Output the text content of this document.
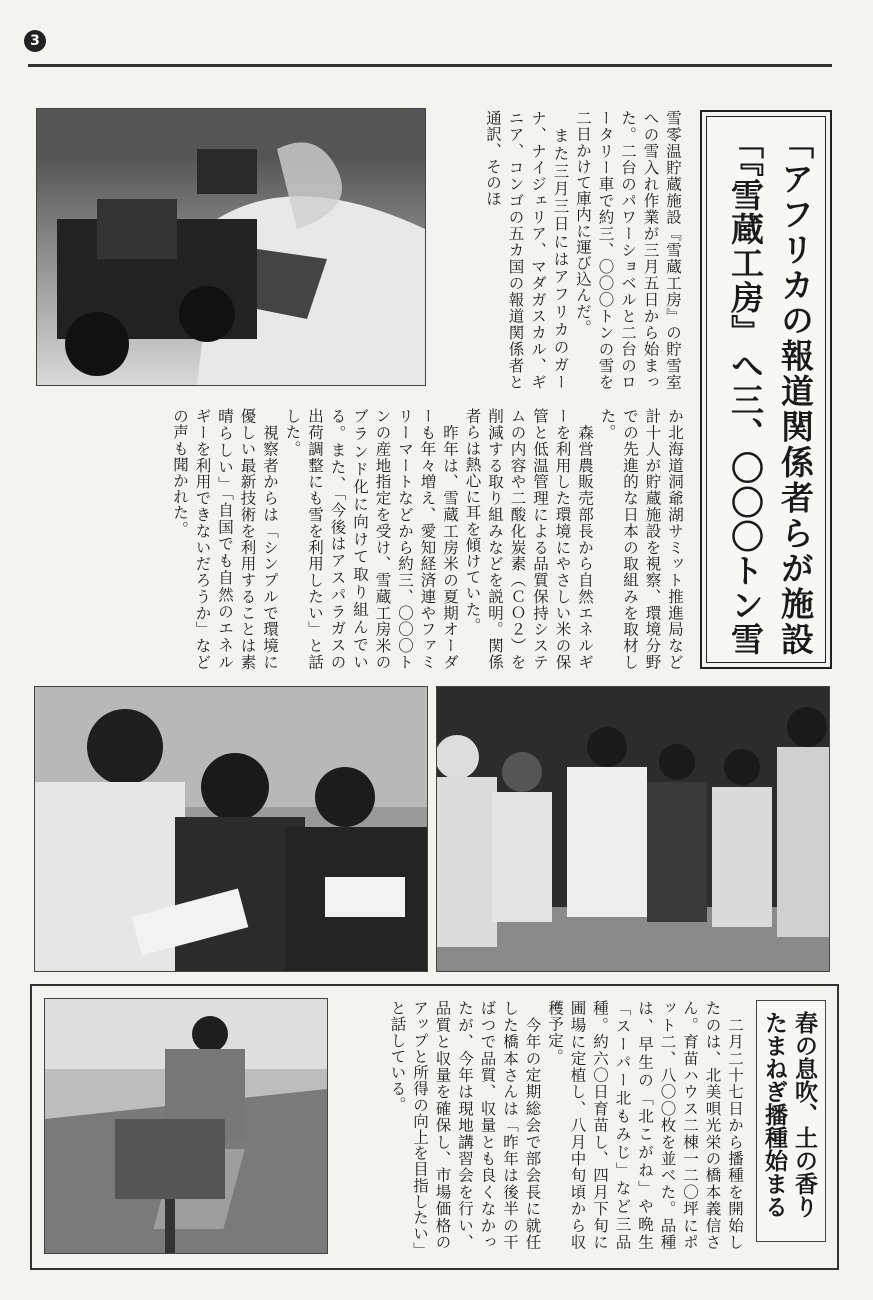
3
雪零温貯蔵施設『雪蔵工房』の貯雪室への雪入れ作業が三月五日から始まった。二台のパワーショベルと二台のロータリー車で約三、〇〇〇トンの雪を二日かけて庫内に運び込んだ。
　また三月三日にはアフリカのガーナ、ナイジェリア、マダガスカル、ギニア、コンゴの五カ国の報道関係者と通訳、そのほ
か北海道洞爺湖サミット推進局など計十人が貯蔵施設を視察、環境分野での先進的な日本の取組みを取材した。
　森営農販売部長から自然エネルギーを利用した環境にやさしい米の保管と低温管理による品質保持システムの内容や二酸化炭素（ＣＯ２）を削減する取り組みなどを説明。関係者らは熱心に耳を傾けていた。
　昨年は、雪蔵工房米の夏期オーダーも年々増え、愛知経済連やファミリーマートなどから約三、〇〇〇トンの産地指定を受け、雪蔵工房米のブランド化に向けて取り組んでいる。また、「今後はアスパラガスの出荷調整にも雪を利用したい」と話した。
　視察者からは「シンプルで環境に優しい最新技術を利用することは素晴らしい」「自国でも自然のエネルギーを利用できないだろうか」などの声も聞かれた。
「アフリカの報道関係者らが施設
「『雪蔵工房』へ三、〇〇〇トン雪
　二月二十七日から播種を開始したのは、北美唄光栄の橋本義信さん。育苗ハウス二棟一二〇坪にポット二、八〇〇枚を並べた。品種は、早生の「北こがね」や晩生「スーパー北もみじ」など三品種。約六〇日育苗し、四月下旬に圃場に定植し、八月中旬頃から収穫予定。
　今年の定期総会で部会長に就任した橋本さんは「昨年は後半の干ばつで品質、収量とも良くなかったが、今年は現地講習会を行い、品質と収量を確保し、市場価格のアップと所得の向上を目指したい」と話している。	春の息吹、土の香り
たまねぎ播種始まる
